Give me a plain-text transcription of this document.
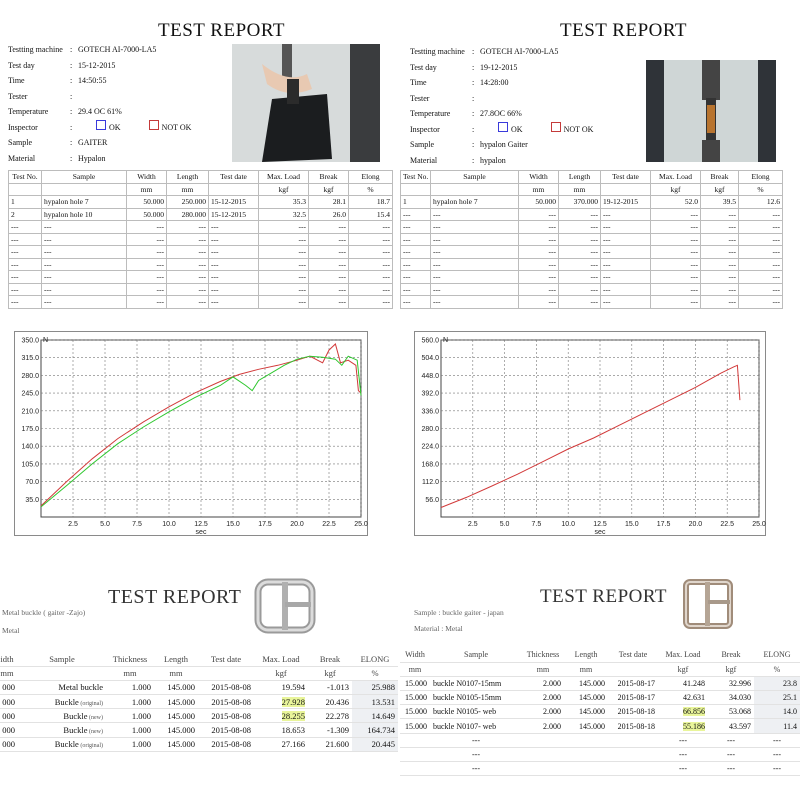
TEST REPORT
Testting machine : GOTECH AI-7000-LA5
Test day	: 15-12-2015
Time	: 14:50:55
Tester	:
Temperature	: 29.4 OC 61%
Inspector	:	OK	NOT OK
Sample	: GAITER
Material	: Hypalon
Test No.	Sample	Width	Length	Test date	Max. Load	Break	Elong
		mm	mm		kgf	kgf	%
1	hypalon hole 7	50.000	250.000	15-12-2015	35.3	28.1	18.7
2	hypalon hole 10	50.000	280.000	15-12-2015	32.5	26.0	15.4
---	---	---	---	---	---	---	---
---	---	---	---	---	---	---	---
---	---	---	---	---	---	---	---
---	---	---	---	---	---	---	---
---	---	---	---	---	---	---	---
---	---	---	---	---	---	---	---
---	---	---	---	---	---	---	---
TEST REPORT
Testting machine : GOTECH AI-7000-LA5
Test day	: 19-12-2015
Time	: 14:28:00
Tester	:
Temperature	: 27.8OC 66%
Inspector	:	OK	NOT OK
Sample	: hypalon Gaiter
Material	: hypalon
Test No.	Sample	Width	Length	Test date	Max. Load	Break	Elong
		mm	mm		kgf	kgf	%
1	hypalon hole 7	50.000	370.000	19-12-2015	52.0	39.5	12.6
---	---	---	---	---	---	---	---
---	---	---	---	---	---	---	---
---	---	---	---	---	---	---	---
---	---	---	---	---	---	---	---
---	---	---	---	---	---	---	---
---	---	---	---	---	---	---	---
---	---	---	---	---	---	---	---
---	---	---	---	---	---	---	---
35.0
70.0
105.0
140.0
175.0
210.0
245.0
280.0
315.0
350.0
2.5	5.0	7.5	10.0	12.5	15.0	17.5	20.0	22.5	25.0
N
sec
56.0
112.0
168.0
224.0
280.0
336.0
392.0
448.0
504.0
560.0
2.5	5.0	7.5	10.0	12.5	15.0	17.5	20.0	22.5	25.0
N
sec
TEST REPORT
Metal buckle ( gaiter -Zajo)
Metal
idth	Sample	Thickness	Length	Test date	Max. Load	Break	ELONG
mm		mm	mm		kgf	kgf	%
000	Metal buckle	1.000	145.000	2015-08-08	19.594	-1.013	25.988
000	Buckle (original)	1.000	145.000	2015-08-08	27.928	20.436	13.531
000	Buckle (new)	1.000	145.000	2015-08-08	28.255	22.278	14.649
000	Buckle (new)	1.000	145.000	2015-08-08	18.653	-1.309	164.734
000	Buckle (original)	1.000	145.000	2015-08-08	27.166	21.600	20.445
TEST REPORT
Sample : buckle gaiter - japan
Material : Metal
Width	Sample	Thickness	Length	Test date	Max. Load	Break	ELONG
mm		mm	mm		kgf	kgf	%
15.000	buckle N0107-15mm	2.000	145.000	2015-08-17	41.248	32.996	23.8
15.000	buckle N0105-15mm	2.000	145.000	2015-08-17	42.631	34.030	25.1
15.000	buckle N0105- web	2.000	145.000	2015-08-18	66.856	53.068	14.0
15.000	buckle N0107- web	2.000	145.000	2015-08-18	55.186	43.597	11.4
	---				---	---	---
	---				---	---	---
	---				---	---	---
